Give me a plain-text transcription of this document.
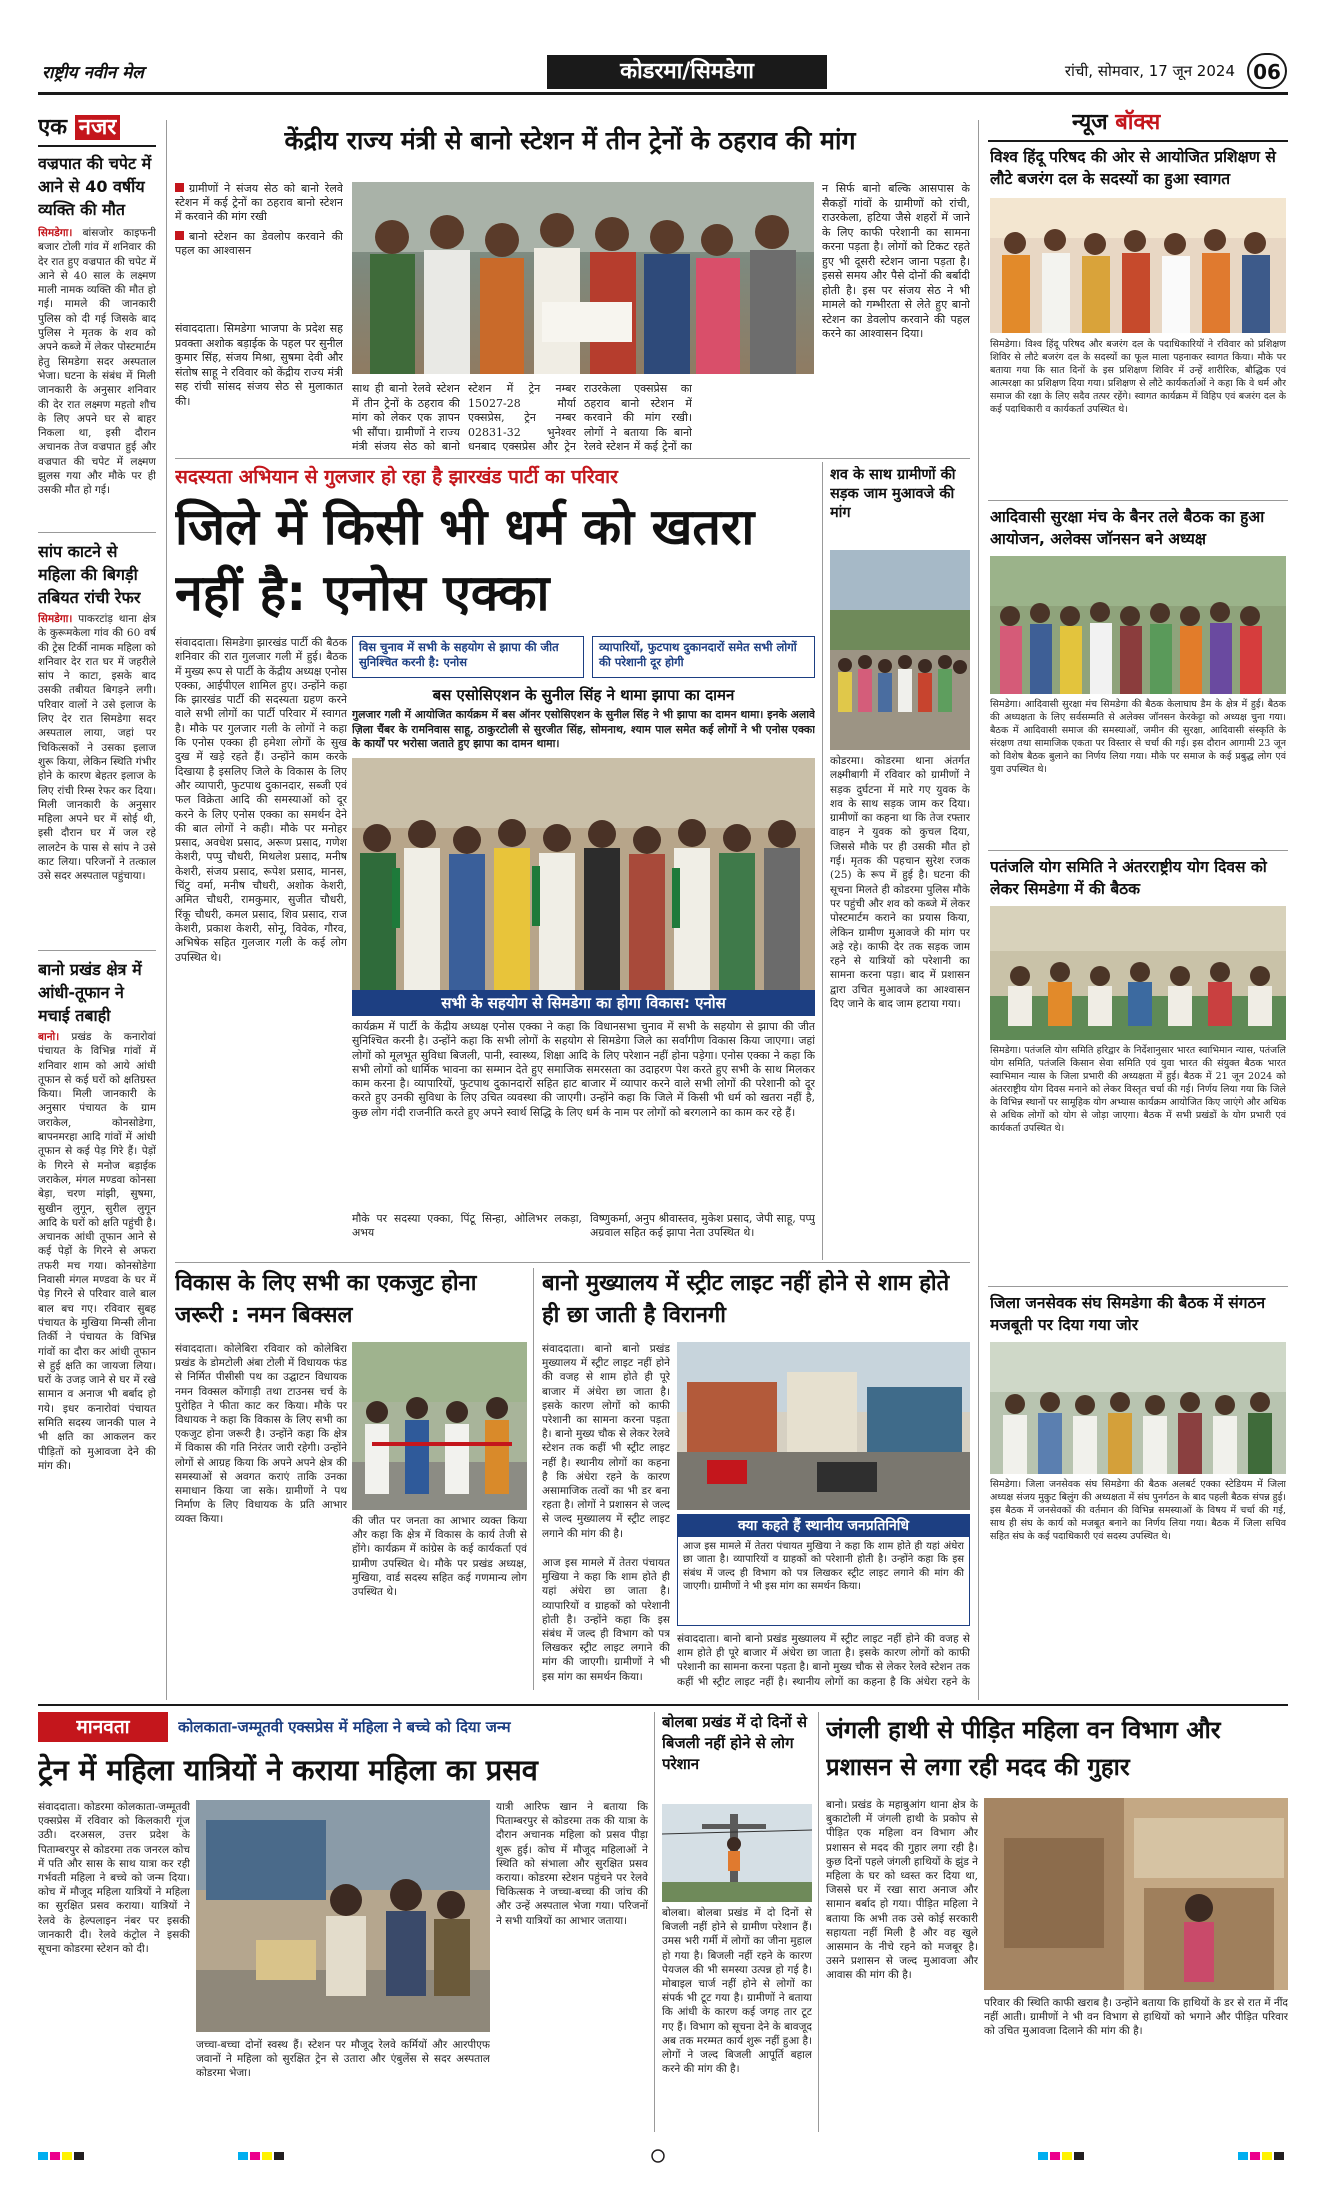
राष्ट्रीय नवीन मेल	कोडरमा/सिमडेगा	रांची, सोमवार, 17 जून 2024 06
एक नजर
वज्रपात की चपेट में आने से 40 वर्षीय व्यक्ति की मौत
सिमडेगा। बांसजोर काइफनी बजार टोली गांव में शनिवार की देर रात हुए वज्रपात की चपेट में आने से 40 साल के लक्ष्मण माली नामक व्यक्ति की मौत हो गई। मामले की जानकारी पुलिस को दी गई जिसके बाद पुलिस ने मृतक के शव को अपने कब्जे में लेकर पोस्टमार्टम हेतु सिमडेगा सदर अस्पताल भेजा। घटना के संबंध में मिली जानकारी के अनुसार शनिवार की देर रात लक्ष्मण महतो शौच के लिए अपने घर से बाहर निकला था, इसी दौरान अचानक तेज वज्रपात हुई और वज्रपात की चपेट में लक्ष्मण झुलस गया और मौके पर ही उसकी मौत हो गई।
सांप काटने से महिला की बिगड़ी तबियत रांची रेफर
सिमडेगा। पाकरटांड़ थाना क्षेत्र के कुरूमकेला गांव की 60 वर्ष की ट्रेस टिर्की नामक महिला को शनिवार देर रात घर में जहरीले सांप ने काटा, इसके बाद उसकी तबीयत बिगड़ने लगी। परिवार वालों ने उसे इलाज के लिए देर रात सिमडेगा सदर अस्पताल लाया, जहां पर चिकित्सकों ने उसका इलाज शुरू किया, लेकिन स्थिति गंभीर होने के कारण बेहतर इलाज के लिए रांची रिम्स रेफर कर दिया। मिली जानकारी के अनुसार महिला अपने घर में सोई थी, इसी दौरान घर में जल रहे लालटेन के पास से सांप ने उसे काट लिया। परिजनों ने तत्काल उसे सदर अस्पताल पहुंचाया।
बानो प्रखंड क्षेत्र में आंधी-तूफान ने मचाई तबाही
बानो। प्रखंड के कनारोवां पंचायत के विभिन्न गांवों में शनिवार शाम को आये आंधी तूफान से कई घरों को क्षतिग्रस्त किया। मिली जानकारी के अनुसार पंचायत के ग्राम जराकेल, कोनसोडेगा, बापनमरहा आदि गांवों में आंधी तूफान से कई पेड़ गिरे हैं। पेड़ों के गिरने से मनोज बड़ाईक जराकेल, मंगल मण्डवा कोनसा बेड़ा, चरण मांझी, सुषमा, सुखीन लुगून, सुरील लुगून आदि के घरों को क्षति पहुंची है। अचानक आंधी तूफान आने से कई पेड़ों के गिरने से अफरा तफरी मच गया। कोनसोडेगा निवासी मंगल मण्डवा के घर में पेड़ गिरने से परिवार वाले बाल बाल बच गए। रविवार सुबह पंचायत के मुखिया मिन्सी लीना तिर्की ने पंचायत के विभिन्न गांवों का दौरा कर आंधी तूफान से हुई क्षति का जायजा लिया। घरों के उजड़ जाने से घर में रखे सामान व अनाज भी बर्बाद हो गये। इधर कनारोवां पंचायत समिति सदस्य जानकी पाल ने भी क्षति का आकलन कर पीड़ितों को मुआवजा देने की मांग की।
केंद्रीय राज्य मंत्री से बानो स्टेशन में तीन ट्रेनों के ठहराव की मांग
ग्रामीणों ने संजय सेठ को बानो रेलवे स्टेशन में कई ट्रेनों का ठहराव बानो स्टेशन में करवाने की मांग रखी
बानो स्टेशन का डेवलोप करवाने की पहल का आश्वासन
संवाददाता। सिमडेगा भाजपा के प्रदेश सह प्रवक्ता अशोक बड़ाईक के पहल पर सुनील कुमार सिंह, संजय मिश्रा, सुषमा देवी और संतोष साहू ने रविवार को केंद्रीय राज्य मंत्री सह रांची सांसद संजय सेठ से मुलाकात की।
साथ ही बानो रेलवे स्टेशन में तीन ट्रेनों के ठहराव की मांग को लेकर एक ज्ञापन भी सौंपा। ग्रामीणों ने राज्य मंत्री संजय सेठ को बानो
स्टेशन में ट्रेन नम्बर 15027-28 मौर्या एक्सप्रेस, ट्रेन नम्बर 02831-32 भुनेश्वर धनबाद एक्सप्रेस और ट्रेन
राउरकेला एक्सप्रेस का ठहराव बानो स्टेशन में करवाने की मांग रखी। लोगों ने बताया कि बानो रेलवे स्टेशन में कई ट्रेनों का
न सिर्फ बानो बल्कि आसपास के सैकड़ों गांवों के ग्रामीणों को रांची, राउरकेला, हटिया जैसे शहरों में जाने के लिए काफी परेशानी का सामना करना पड़ता है। लोगों को टिकट रहते हुए भी दूसरी स्टेशन जाना पड़ता है। इससे समय और पैसे दोनों की बर्बादी होती है। इस पर संजय सेठ ने भी मामले को गम्भीरता से लेते हुए बानो स्टेशन का डेवलोप करवाने की पहल करने का आश्वासन दिया।
न्यूज बॉक्स
विश्व हिंदू परिषद की ओर से आयोजित प्रशिक्षण से लौटे बजरंग दल के सदस्यों का हुआ स्वागत
सिमडेगा। विश्व हिंदू परिषद और बजरंग दल के पदाधिकारियों ने रविवार को प्रशिक्षण शिविर से लौटे बजरंग दल के सदस्यों का फूल माला पहनाकर स्वागत किया। मौके पर बताया गया कि सात दिनों के इस प्रशिक्षण शिविर में उन्हें शारीरिक, बौद्धिक एवं आत्मरक्षा का प्रशिक्षण दिया गया। प्रशिक्षण से लौटे कार्यकर्ताओं ने कहा कि वे धर्म और समाज की रक्षा के लिए सदैव तत्पर रहेंगे। स्वागत कार्यक्रम में विहिप एवं बजरंग दल के कई पदाधिकारी व कार्यकर्ता उपस्थित थे।
आदिवासी सुरक्षा मंच के बैनर तले बैठक का हुआ आयोजन, अलेक्स जॉनसन बने अध्यक्ष
सिमडेगा। आदिवासी सुरक्षा मंच सिमडेगा की बैठक केलाघाघ डैम के क्षेत्र में हुई। बैठक की अध्यक्षता के लिए सर्वसम्मति से अलेक्स जॉनसन केरकेट्टा को अध्यक्ष चुना गया। बैठक में आदिवासी समाज की समस्याओं, जमीन की सुरक्षा, आदिवासी संस्कृति के संरक्षण तथा सामाजिक एकता पर विस्तार से चर्चा की गई। इस दौरान आगामी 23 जून को विशेष बैठक बुलाने का निर्णय लिया गया। मौके पर समाज के कई प्रबुद्ध लोग एवं युवा उपस्थित थे।
पतंजलि योग समिति ने अंतरराष्ट्रीय योग दिवस को लेकर सिमडेगा में की बैठक
सिमडेगा। पतंजलि योग समिति हरिद्वार के निर्देशानुसार भारत स्वाभिमान न्यास, पतंजलि योग समिति, पतंजलि किसान सेवा समिति एवं युवा भारत की संयुक्त बैठक भारत स्वाभिमान न्यास के जिला प्रभारी की अध्यक्षता में हुई। बैठक में 21 जून 2024 को अंतरराष्ट्रीय योग दिवस मनाने को लेकर विस्तृत चर्चा की गई। निर्णय लिया गया कि जिले के विभिन्न स्थानों पर सामूहिक योग अभ्यास कार्यक्रम आयोजित किए जाएंगे और अधिक से अधिक लोगों को योग से जोड़ा जाएगा। बैठक में सभी प्रखंडों के योग प्रभारी एवं कार्यकर्ता उपस्थित थे।
जिला जनसेवक संघ सिमडेगा की बैठक में संगठन मजबूती पर दिया गया जोर
सिमडेगा। जिला जनसेवक संघ सिमडेगा की बैठक अलबर्ट एक्का स्टेडियम में जिला अध्यक्ष संजय मुकुट बिलुंग की अध्यक्षता में संघ पुनर्गठन के बाद पहली बैठक संपन्न हुई। इस बैठक में जनसेवकों की वर्तमान की विभिन्न समस्याओं के विषय में चर्चा की गई, साथ ही संघ के कार्य को मजबूत बनाने का निर्णय लिया गया। बैठक में जिला सचिव सहित संघ के कई पदाधिकारी एवं सदस्य उपस्थित थे।
सदस्यता अभियान से गुलजार हो रहा है झारखंड पार्टी का परिवार
जिले में किसी भी धर्म को खतरा नहीं है: एनोस एक्का
संवाददाता। सिमडेगा झारखंड पार्टी की बैठक शनिवार की रात गुलजार गली में हुई। बैठक में मुख्य रूप से पार्टी के केंद्रीय अध्यक्ष एनोस एक्का, आईपीएल शामिल हुए। उन्होंने कहा कि झारखंड पार्टी की सदस्यता ग्रहण करने वाले सभी लोगों का पार्टी परिवार में स्वागत है। मौके पर गुलजार गली के लोगों ने कहा कि एनोस एक्का ही हमेशा लोगों के सुख दुख में खड़े रहते हैं। उन्होंने काम करके दिखाया है इसलिए जिले के विकास के लिए और व्यापारी, फुटपाथ दुकानदार, सब्जी एवं फल विक्रेता आदि की समस्याओं को दूर करने के लिए एनोस एक्का का समर्थन देने की बात लोगों ने कही। मौके पर मनोहर प्रसाद, अवधेश प्रसाद, अरूण प्रसाद, गणेश केशरी, पप्पु चौधरी, मिथलेश प्रसाद, मनीष केशरी, संजय प्रसाद, रूपेश प्रसाद, मानस, चिंटु वर्मा, मनीष चौधरी, अशोक केशरी, अमित चौधरी, रामकुमार, सुजीत चौधरी, रिंकू चौधरी, कमल प्रसाद, शिव प्रसाद, राज केशरी, प्रकाश केशरी, सोनू, विवेक, गौरव, अभिषेक सहित गुलजार गली के कई लोग उपस्थित थे।
विस चुनाव में सभी के सहयोग से झापा की जीत सुनिश्चित करनी है: एनोस
व्यापारियों, फुटपाथ दुकानदारों समेत सभी लोगों की परेशानी दूर होगी
बस एसोसिएशन के सुनील सिंह ने थामा झापा का दामन
गुलजार गली में आयोजित कार्यक्रम में बस ऑनर एसोसिएशन के सुनील सिंह ने भी झापा का दामन थामा। इनके अलावे ज़िला चैंबर के रामनिवास साहू, ठाकुरटोली से सुरजीत सिंह, सोमनाथ, श्याम पाल समेत कई लोगों ने भी एनोस एक्का के कार्यों पर भरोसा जताते हुए झापा का दामन थामा।
सभी के सहयोग से सिमडेगा का होगा विकास: एनोस
कार्यक्रम में पार्टी के केंद्रीय अध्यक्ष एनोस एक्का ने कहा कि विधानसभा चुनाव में सभी के सहयोग से झापा की जीत सुनिश्चित करनी है। उन्होंने कहा कि सभी लोगों के सहयोग से सिमडेगा जिले का सर्वांगीण विकास किया जाएगा। जहां लोगों को मूलभूत सुविधा बिजली, पानी, स्वास्थ्य, शिक्षा आदि के लिए परेशान नहीं होना पड़ेगा। एनोस एक्का ने कहा कि सभी लोगों को धार्मिक भावना का सम्मान देते हुए समाजिक समरसता का उदाहरण पेश करते हुए सभी के साथ मिलकर काम करना है। व्यापारियों, फुटपाथ दुकानदारों सहित हाट बाजार में व्यापार करने वाले सभी लोगों की परेशानी को दूर करते हुए उनकी सुविधा के लिए उचित व्यवस्था की जाएगी। उन्होंने कहा कि जिले में किसी भी धर्म को खतरा नहीं है, कुछ लोग गंदी राजनीति करते हुए अपने स्वार्थ सिद्धि के लिए धर्म के नाम पर लोगों को बरगलाने का काम कर रहे हैं।
मौके पर सदस्या एक्का, पिंटू सिन्हा, ओलिभर लकड़ा, अभय
विष्णुकर्मा, अनुप श्रीवास्तव, मुकेश प्रसाद, जेपी साहू, पप्पु अग्रवाल सहित कई झापा नेता उपस्थित थे।
शव के साथ ग्रामीणों की सड़क जाम मुआवजे की मांग
कोडरमा। कोडरमा थाना अंतर्गत लक्ष्मीबागी में रविवार को ग्रामीणों ने सड़क दुर्घटना में मारे गए युवक के शव के साथ सड़क जाम कर दिया। ग्रामीणों का कहना था कि तेज रफ्तार वाहन ने युवक को कुचल दिया, जिससे मौके पर ही उसकी मौत हो गई। मृतक की पहचान सुरेश रजक (25) के रूप में हुई है। घटना की सूचना मिलते ही कोडरमा पुलिस मौके पर पहुंची और शव को कब्जे में लेकर पोस्टमार्टम कराने का प्रयास किया, लेकिन ग्रामीण मुआवजे की मांग पर अड़े रहे। काफी देर तक सड़क जाम रहने से यात्रियों को परेशानी का सामना करना पड़ा। बाद में प्रशासन द्वारा उचित मुआवजे का आश्वासन दिए जाने के बाद जाम हटाया गया।
विकास के लिए सभी का एकजुट होना जरूरी : नमन बिक्सल
संवाददाता। कोलेबिरा रविवार को कोलेबिरा प्रखंड के डोमटोली अंबा टोली में विधायक फंड से निर्मित पीसीसी पथ का उद्घाटन विधायक नमन विक्सल कोंगाड़ी तथा टाउनस चर्च के पुरोहित ने फीता काट कर किया। मौके पर विधायक ने कहा कि विकास के लिए सभी का एकजुट होना जरूरी है। उन्होंने कहा कि क्षेत्र में विकास की गति निरंतर जारी रहेगी। उन्होंने लोगों से आग्रह किया कि अपने अपने क्षेत्र की समस्याओं से अवगत कराएं ताकि उनका समाधान किया जा सके। ग्रामीणों ने पथ निर्माण के लिए विधायक के प्रति आभार व्यक्त किया।	की जीत पर जनता का आभार व्यक्त किया और कहा कि क्षेत्र में विकास के कार्य तेजी से होंगे। कार्यक्रम में कांग्रेस के कई कार्यकर्ता एवं ग्रामीण उपस्थित थे। मौके पर प्रखंड अध्यक्ष, मुखिया, वार्ड सदस्य सहित कई गणमान्य लोग उपस्थित थे।
बानो मुख्यालय में स्ट्रीट लाइट नहीं होने से शाम होते ही छा जाती है विरानगी
संवाददाता। बानो बानो प्रखंड मुख्यालय में स्ट्रीट लाइट नहीं होने की वजह से शाम होते ही पूरे बाजार में अंधेरा छा जाता है। इसके कारण लोगों को काफी परेशानी का सामना करना पड़ता है। बानो मुख्य चौक से लेकर रेलवे स्टेशन तक कहीं भी स्ट्रीट लाइट नहीं है। स्थानीय लोगों का कहना है कि अंधेरा रहने के कारण असामाजिक तत्वों का भी डर बना रहता है। लोगों ने प्रशासन से जल्द से जल्द मुख्यालय में स्ट्रीट लाइट लगाने की मांग की है।	क्या कहते हैं स्थानीय जनप्रतिनिधि
आज इस मामले में तेतरा पंचायत मुखिया ने कहा कि शाम होते ही यहां अंधेरा छा जाता है। व्यापारियों व ग्राहकों को परेशानी होती है। उन्होंने कहा कि इस संबंध में जल्द ही विभाग को पत्र लिखकर स्ट्रीट लाइट लगाने की मांग की जाएगी। ग्रामीणों ने भी इस मांग का समर्थन किया।
आज इस मामले में तेतरा पंचायत मुखिया ने कहा कि शाम होते ही यहां अंधेरा छा जाता है। व्यापारियों व ग्राहकों को परेशानी होती है। उन्होंने कहा कि इस संबंध में जल्द ही विभाग को पत्र लिखकर स्ट्रीट लाइट लगाने की मांग की जाएगी। ग्रामीणों ने भी इस मांग का समर्थन किया।
संवाददाता। बानो बानो प्रखंड मुख्यालय में स्ट्रीट लाइट नहीं होने की वजह से शाम होते ही पूरे बाजार में अंधेरा छा जाता है। इसके कारण लोगों को काफी परेशानी का सामना करना पड़ता है। बानो मुख्य चौक से लेकर रेलवे स्टेशन तक कहीं भी स्ट्रीट लाइट नहीं है। स्थानीय लोगों का कहना है कि अंधेरा रहने के
मानवता	कोलकाता-जम्मूतवी एक्सप्रेस में महिला ने बच्चे को दिया जन्म
ट्रेन में महिला यात्रियों ने कराया महिला का प्रसव
संवाददाता। कोडरमा कोलकाता-जम्मूतवी एक्सप्रेस में रविवार को किलकारी गूंज उठी। दरअसल, उत्तर प्रदेश के पिताम्बरपुर से कोडरमा तक जनरल कोच में पति और सास के साथ यात्रा कर रही गर्भवती महिला ने बच्चे को जन्म दिया। कोच में मौजूद महिला यात्रियों ने महिला का सुरक्षित प्रसव कराया। यात्रियों ने रेलवे के हेल्पलाइन नंबर पर इसकी जानकारी दी। रेलवे कंट्रोल ने इसकी सूचना कोडरमा स्टेशन को दी।
जच्चा-बच्चा दोनों स्वस्थ हैं। स्टेशन पर मौजूद रेलवे कर्मियों और आरपीएफ जवानों ने महिला को सुरक्षित ट्रेन से उतारा और एंबुलेंस से सदर अस्पताल कोडरमा भेजा।
यात्री आरिफ खान ने बताया कि पिताम्बरपुर से कोडरमा तक की यात्रा के दौरान अचानक महिला को प्रसव पीड़ा शुरू हुई। कोच में मौजूद महिलाओं ने स्थिति को संभाला और सुरक्षित प्रसव कराया। कोडरमा स्टेशन पहुंचने पर रेलवे चिकित्सक ने जच्चा-बच्चा की जांच की और उन्हें अस्पताल भेजा गया। परिजनों ने सभी यात्रियों का आभार जताया।
बोलबा प्रखंड में दो दिनों से बिजली नहीं होने से लोग परेशान
बोलबा। बोलबा प्रखंड में दो दिनों से बिजली नहीं होने से ग्रामीण परेशान हैं। उमस भरी गर्मी में लोगों का जीना मुहाल हो गया है। बिजली नहीं रहने के कारण पेयजल की भी समस्या उत्पन्न हो गई है। मोबाइल चार्ज नहीं होने से लोगों का संपर्क भी टूट गया है। ग्रामीणों ने बताया कि आंधी के कारण कई जगह तार टूट गए हैं। विभाग को सूचना देने के बावजूद अब तक मरम्मत कार्य शुरू नहीं हुआ है। लोगों ने जल्द बिजली आपूर्ति बहाल करने की मांग की है।
जंगली हाथी से पीड़ित महिला वन विभाग और प्रशासन से लगा रही मदद की गुहार
बानो। प्रखंड के महाबुआंग थाना क्षेत्र के बुकाटोली में जंगली हाथी के प्रकोप से पीड़ित एक महिला वन विभाग और प्रशासन से मदद की गुहार लगा रही है। कुछ दिनों पहले जंगली हाथियों के झुंड ने महिला के घर को ध्वस्त कर दिया था, जिससे घर में रखा सारा अनाज और सामान बर्बाद हो गया। पीड़ित महिला ने बताया कि अभी तक उसे कोई सरकारी सहायता नहीं मिली है और वह खुले आसमान के नीचे रहने को मजबूर है। उसने प्रशासन से जल्द मुआवजा और आवास की मांग की है।
परिवार की स्थिति काफी खराब है। उन्होंने बताया कि हाथियों के डर से रात में नींद नहीं आती। ग्रामीणों ने भी वन विभाग से हाथियों को भगाने और पीड़ित परिवार को उचित मुआवजा दिलाने की मांग की है।
